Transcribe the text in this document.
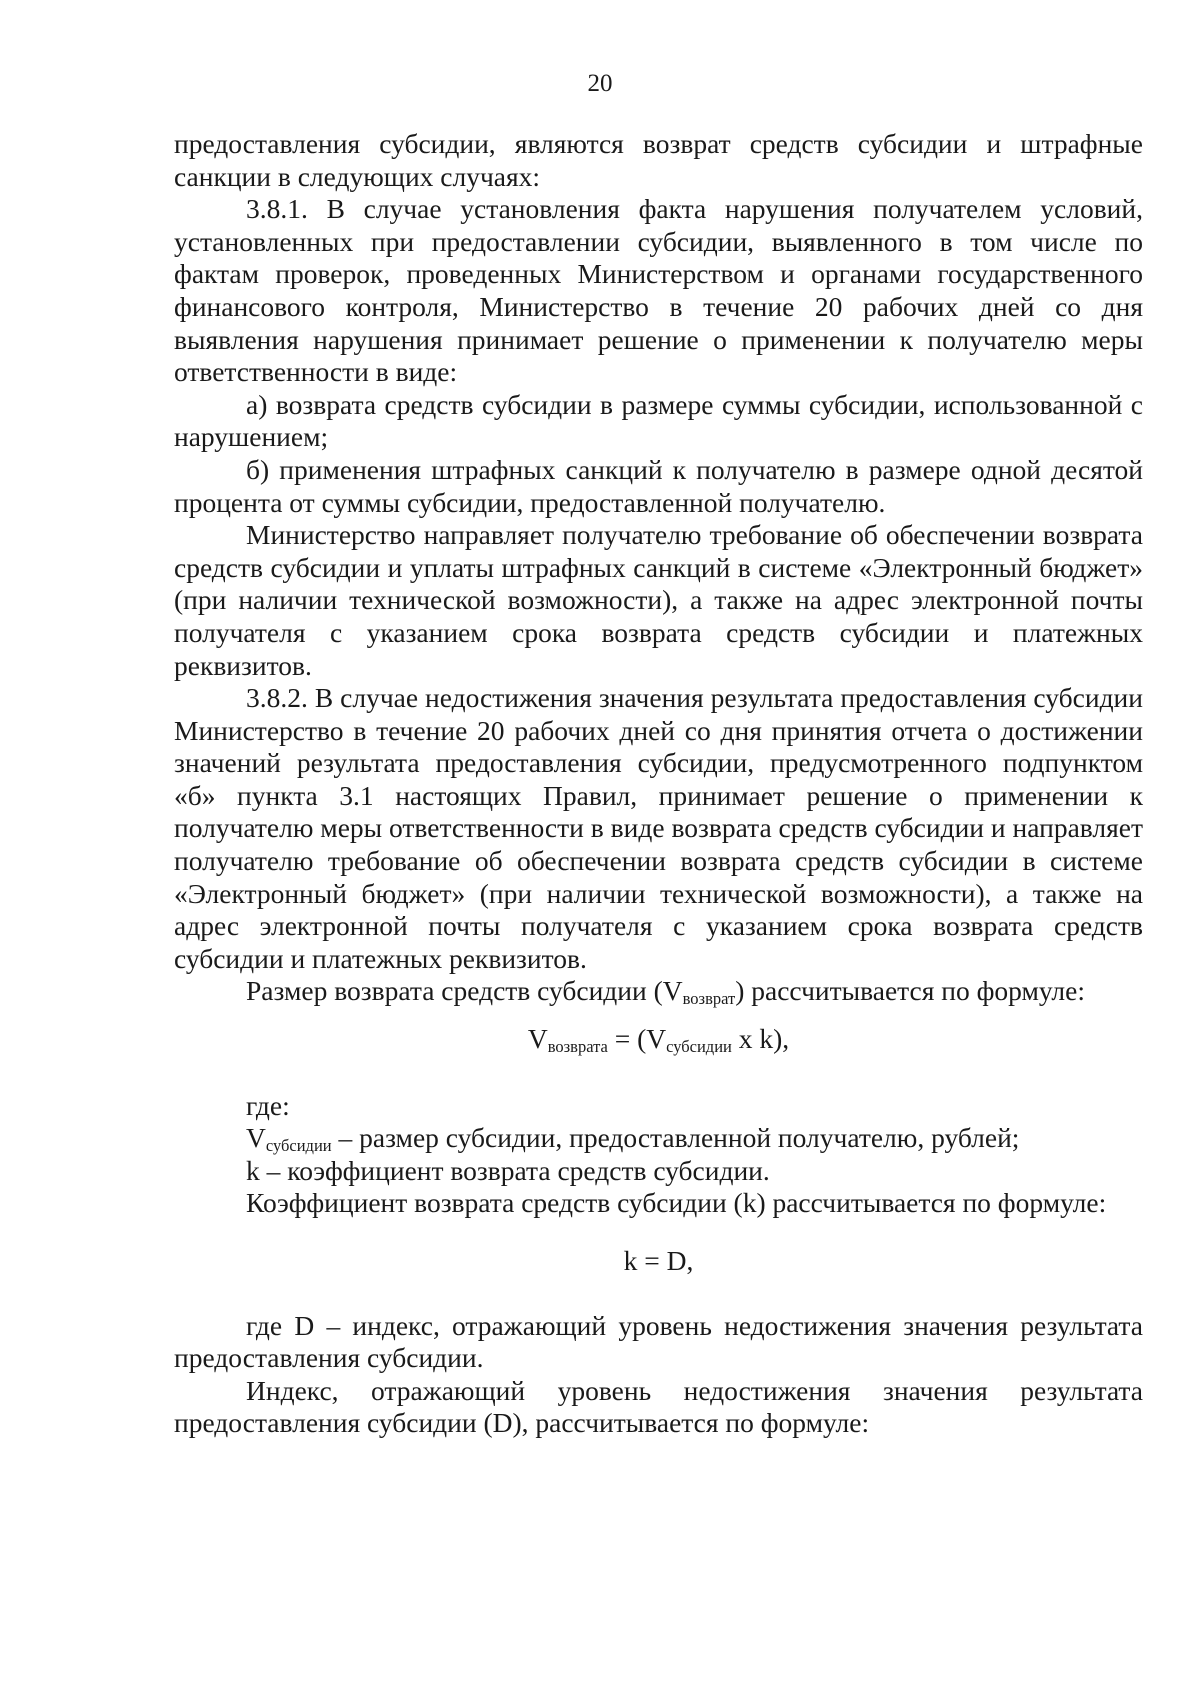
20

предоставления субсидии, являются возврат средств субсидии и штрафные санкции в следующих случаях:

3.8.1. В случае установления факта нарушения получателем условий, установленных при предоставлении субсидии, выявленного в том числе по фактам проверок, проведенных Министерством и органами государственного финансового контроля, Министерство в течение 20 рабочих дней со дня выявления нарушения принимает решение о применении к получателю меры ответственности в виде:

а) возврата средств субсидии в размере суммы субсидии, использованной с нарушением;

б) применения штрафных санкций к получателю в размере одной десятой процента от суммы субсидии, предоставленной получателю.

Министерство направляет получателю требование об обеспечении возврата средств субсидии и уплаты штрафных санкций в системе «Электронный бюджет» (при наличии технической возможности), а также на адрес электронной почты получателя с указанием срока возврата средств субсидии и платежных реквизитов.

3.8.2. В случае недостижения значения результата предоставления субсидии Министерство в течение 20 рабочих дней со дня принятия отчета о достижении значений результата предоставления субсидии, предусмотренного подпунктом «б» пункта 3.1 настоящих Правил, принимает решение о применении к получателю меры ответственности в виде возврата средств субсидии и направляет получателю требование об обеспечении возврата средств субсидии в системе «Электронный бюджет» (при наличии технической возможности), а также на адрес электронной почты получателя с указанием срока возврата средств субсидии и платежных реквизитов.

Размер возврата средств субсидии $(V_{возврат})$ рассчитывается по формуле:

$V_{возврата} = (V_{субсидии}$ x k),

где:

$V_{субсидии}$ – размер субсидии, предоставленной получателю, рублей;

k – коэффициент возврата средств субсидии.

Коэффициент возврата средств субсидии (k) рассчитывается по формуле:

k = D,

где D – индекс, отражающий уровень недостижения значения результата предоставления субсидии.

Индекс, отражающий уровень недостижения значения результата предоставления субсидии (D), рассчитывается по формуле:
